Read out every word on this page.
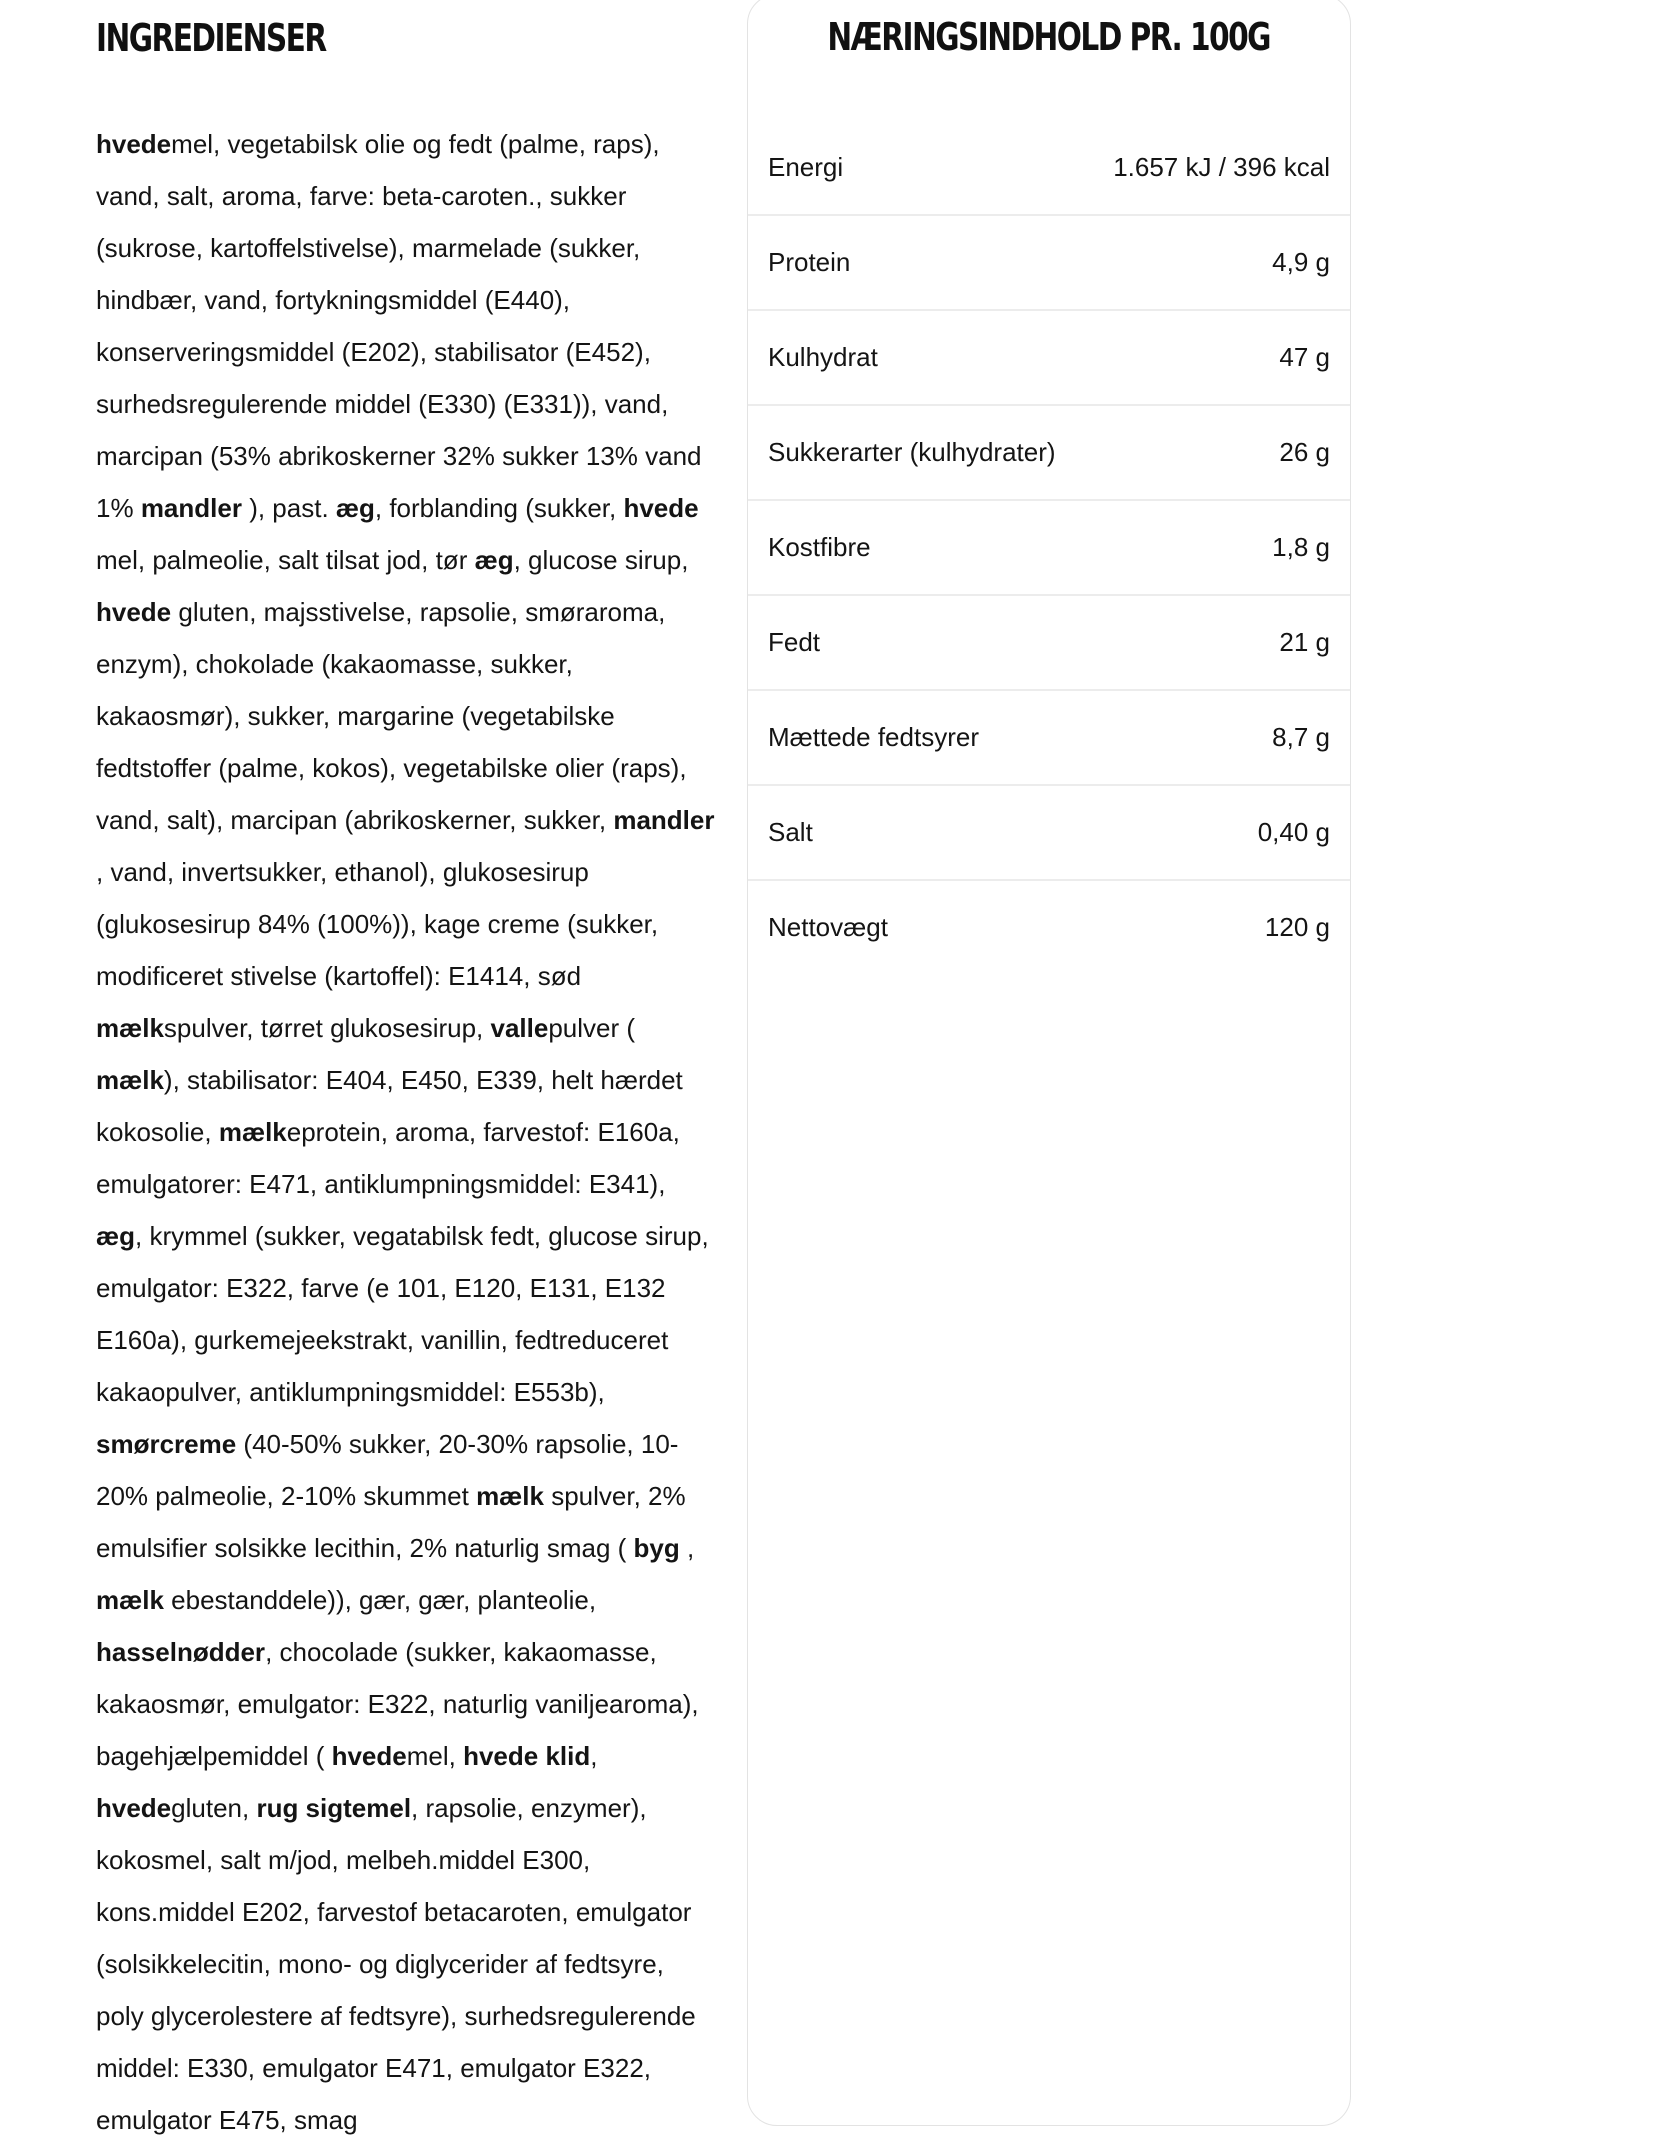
INGREDIENSER
hvedemel, vegetabilsk olie og fedt (palme, raps), vand, salt, aroma, farve: beta-caroten., sukker (sukrose, kartoffelstivelse), marmelade (sukker, hindbær, vand, fortykningsmiddel (E440), konserveringsmiddel (E202), stabilisator (E452), surhedsregulerende middel (E330) (E331)), vand, marcipan (53% abrikoskerner 32% sukker 13% vand 1% mandler ), past. æg, forblanding (sukker, hvede mel, palmeolie, salt tilsat jod, tør æg, glucose sirup, hvede gluten, majsstivelse, rapsolie, smøraroma, enzym), chokolade (kakaomasse, sukker, kakaosmør), sukker, margarine (vegetabilske fedtstoffer (palme, kokos), vegetabilske olier (raps), vand, salt), marcipan (abrikoskerner, sukker, mandler , vand, invertsukker, ethanol), glukosesirup (glukosesirup 84% (100%)), kage creme (sukker, modificeret stivelse (kartoffel): E1414, sød mælkspulver, tørret glukosesirup, vallepulver ( mælk), stabilisator: E404, E450, E339, helt hærdet kokosolie, mælkeprotein, aroma, farvestof: E160a, emulgatorer: E471, antiklumpningsmiddel: E341), æg, krymmel (sukker, vegatabilsk fedt, glucose sirup, emulgator: E322, farve (e 101, E120, E131, E132 E160a), gurkemejeekstrakt, vanillin, fedtreduceret kakaopulver, antiklumpningsmiddel: E553b), smørcreme (40-50% sukker, 20-30% rapsolie, 10-20% palmeolie, 2-10% skummet mælk spulver, 2% emulsifier solsikke lecithin, 2% naturlig smag ( byg , mælk ebestanddele)), gær, gær, planteolie, hasselnødder, chocolade (sukker, kakaomasse, kakaosmør, emulgator: E322, naturlig vaniljearoma), bagehjælpemiddel ( hvedemel, hvede klid, hvedegluten, rug sigtemel, rapsolie, enzymer), kokosmel, salt m/jod, melbeh.middel E300, kons.middel E202, farvestof betacaroten, emulgator (solsikkelecitin, mono- og diglycerider af fedtsyre, poly glycerolestere af fedtsyre), surhedsregulerende middel: E330, emulgator E471, emulgator E322, emulgator E475, smag
NÆRINGSINDHOLD PR. 100G
Energi	1.657 kJ / 396 kcal
Protein	4,9 g
Kulhydrat	47 g
Sukkerarter (kulhydrater)	26 g
Kostfibre	1,8 g
Fedt	21 g
Mættede fedtsyrer	8,7 g
Salt	0,40 g
Nettovægt	120 g
